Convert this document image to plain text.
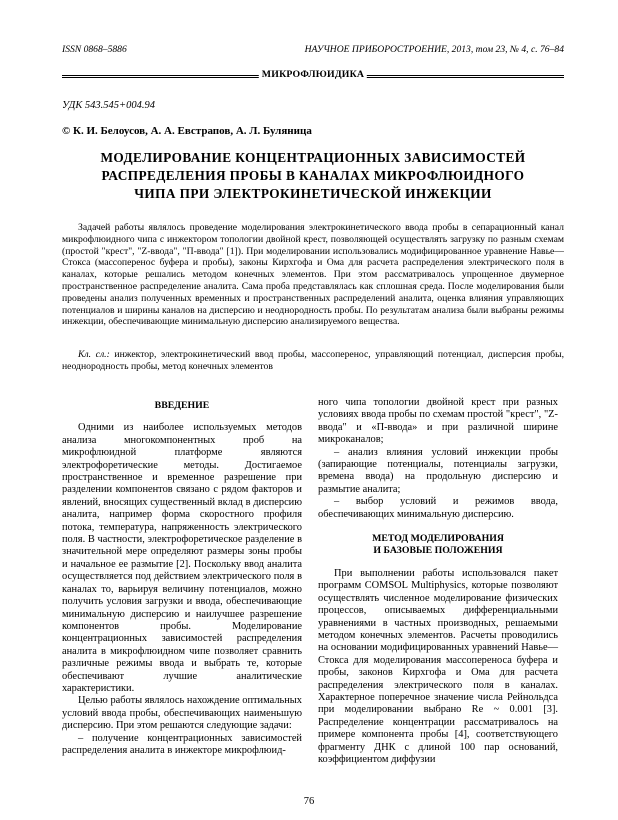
ISSN 0868–5886	НАУЧНОЕ ПРИБОРОСТРОЕНИЕ, 2013, том 23, № 4, с. 76–84
МИКРОФЛЮИДИКА
УДК 543.545+004.94
© К. И. Белоусов, А. А. Евстрапов, А. Л. Буляница
МОДЕЛИРОВАНИЕ КОНЦЕНТРАЦИОННЫХ ЗАВИСИМОСТЕЙ
РАСПРЕДЕЛЕНИЯ ПРОБЫ В КАНАЛАХ МИКРОФЛЮИДНОГО
ЧИПА ПРИ ЭЛЕКТРОКИНЕТИЧЕСКОЙ ИНЖЕКЦИИ
Задачей работы являлось проведение моделирования электрокинетического ввода пробы в сепарационный канал микрофлюидного чипа с инжектором топологии двойной крест, позволяющей осуществлять загрузку по разным схемам (простой "крест", "Z-ввода", "П-ввода" [1]). При моделировании использовались модифицированное уравнение Навье— Стокса (массоперенос буфера и пробы), законы Кирхгофа и Ома для расчета распределения электрического поля в каналах, которые решались методом конечных элементов. При этом рассматривалось упрощенное двумерное пространственное распределение аналита. Сама проба представлялась как сплошная среда. После моделирования были проведены анализ полученных временных и пространственных распределений аналита, оценка влияния управляющих потенциалов и ширины каналов на дисперсию и неоднородность пробы. По результатам анализа были выбраны режимы инжекции, обеспечивающие минимальную дисперсию анализируемого вещества.
Кл. сл.: инжектор, электрокинетический ввод пробы, массоперенос, управляющий потенциал, дисперсия пробы, неоднородность пробы, метод конечных элементов

ВВЕДЕНИЕ

Одними из наиболее используемых методов анализа многокомпонентных проб на микрофлюидной платформе являются электрофоретические методы. Достигаемое пространственное и временное разрешение при разделении компонентов связано с рядом факторов и явлений, вносящих существенный вклад в дисперсию аналита, например форма скоростного профиля потока, температура, напряженность электрического поля. В частности, электрофоретическое разделение в значительной мере определяют размеры зоны пробы и начальное ее размытие [2]. Поскольку ввод аналита осуществляется под действием электрического поля в каналах то, варьируя величину потенциалов, можно получить условия загрузки и ввода, обеспечивающие минимальную дисперсию и наилучшее разрешение компонентов пробы. Моделирование концентрационных зависимостей распределения аналита в микрофлюидном чипе позволяет сравнить различные режимы ввода и выбрать те, которые обеспечивают лучшие аналитические характеристики.

Целью работы являлось нахождение оптимальных условий ввода пробы, обеспечивающих наименьшую дисперсию. При этом решаются следующие задачи:

– получение концентрационных зависимостей распределения аналита в инжекторе микрофлюид-

ного чипа топологии двойной крест при разных условиях ввода пробы по схемам простой "крест", "Z-ввода" и «П-ввода» и при различной ширине микроканалов;

– анализ влияния условий инжекции пробы (запирающие потенциалы, потенциалы загрузки, времена ввода) на продольную дисперсию и размытие аналита;

– выбор условий и режимов ввода, обеспечивающих минимальную дисперсию.

МЕТОД МОДЕЛИРОВАНИЯ

И БАЗОВЫЕ ПОЛОЖЕНИЯ

При выполнении работы использовался пакет программ COMSOL Multiphysics, которые позволяют осуществлять численное моделирование физических процессов, описываемых дифференциальными уравнениями в частных производных, решаемыми методом конечных элементов. Расчеты проводились на основании модифицированных уравнений Навье—Стокса для моделирования массопереноса буфера и пробы, законов Кирхгофа и Ома для расчета распределения электрического поля в каналах. Характерное поперечное значение числа Рейнольдса при моделировании выбрано Re ~ 0.001 [3]. Распределение концентрации рассматривалось на примере компонента пробы [4], соответствующего фрагменту ДНК с длиной 100 пар оснований, коэффициентом диффузии

76
